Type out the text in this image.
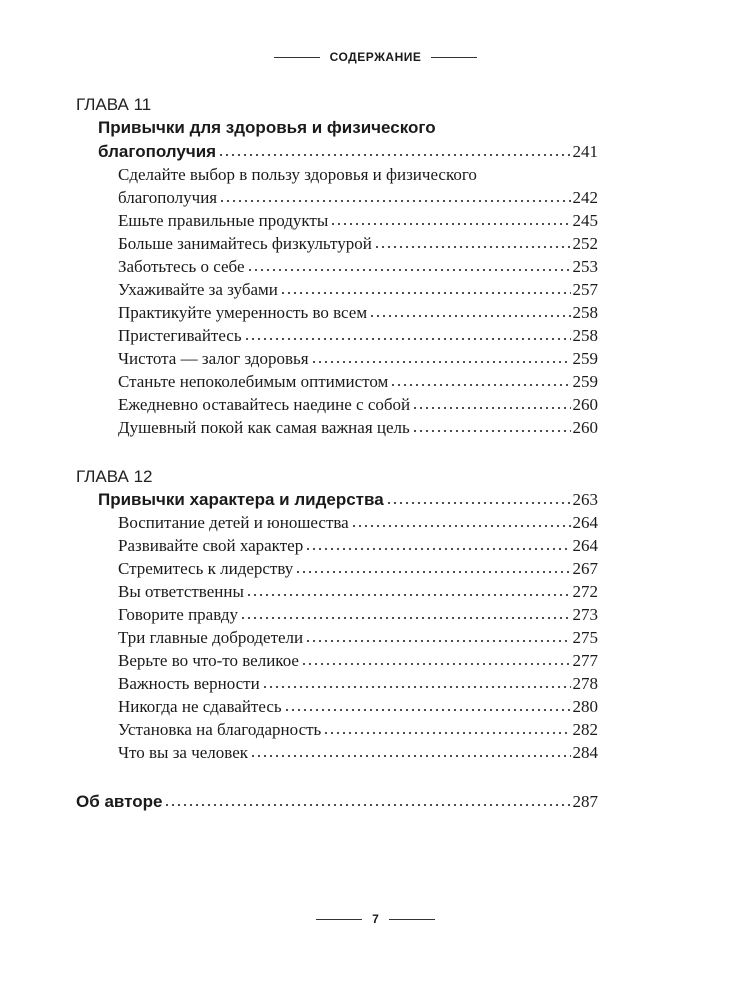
СОДЕРЖАНИЕ
ГЛАВА 11
Привычки для здоровья и физического
благополучия	241
Сделайте выбор в пользу здоровья и физического
благополучия	242
Ешьте правильные продукты	245
Больше занимайтесь физкультурой	252
Заботьтесь о себе	253
Ухаживайте за зубами	257
Практикуйте умеренность во всем	258
Пристегивайтесь	258
Чистота — залог здоровья	259
Станьте непоколебимым оптимистом	259
Ежедневно оставайтесь наедине с собой	260
Душевный покой как самая важная цель	260
ГЛАВА 12
Привычки характера и лидерства	263
Воспитание детей и юношества	264
Развивайте свой характер	264
Стремитесь к лидерству	267
Вы ответственны	272
Говорите правду	273
Три главные добродетели	275
Верьте во что-то великое	277
Важность верности	278
Никогда не сдавайтесь	280
Установка на благодарность	282
Что вы за человек	284
Об авторе	287
7
